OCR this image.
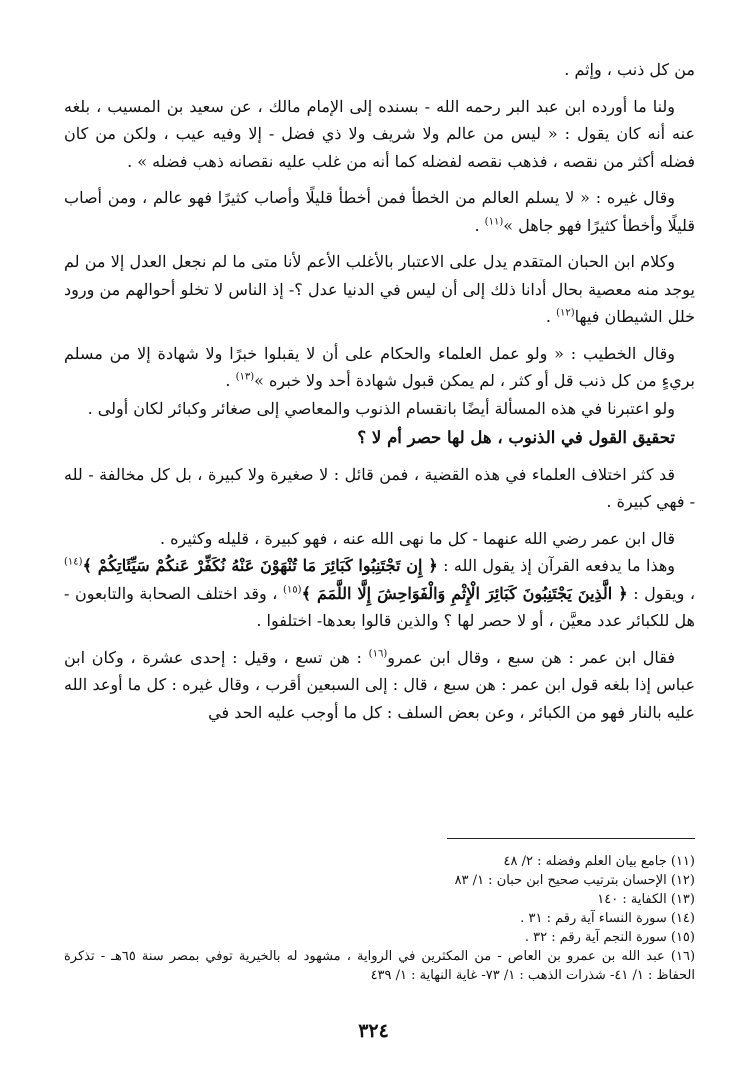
من كل ذنب ، وإثم .

ولنا ما أورده ابن عبد البر رحمه الله - بسنده إلى الإمام مالك ، عن سعيد بن المسيب ، بلغه عنه أنه كان يقول : « ليس من عالم ولا شريف ولا ذي فضل - إلا وفيه عيب ، ولكن من كان فضله أكثر من نقصه ، فذهب نقصه لفضله كما أنه من غلب عليه نقصانه ذهب فضله » .

وقال غيره : « لا يسلم العالم من الخطأ فمن أخطأ قليلًا وأصاب كثيرًا فهو عالم ، ومن أصاب قليلًا وأخطأ كثيرًا فهو جاهل »$^{(١١)}$ .

وكلام ابن الحبان المتقدم يدل على الاعتبار بالأغلب الأعم لأنا متى ما لم نجعل العدل إلا من لم يوجد منه معصية بحال أدانا ذلك إلى أن ليس في الدنيا عدل ؟- إذ الناس لا تخلو أحوالهم من ورود خلل الشيطان فيها$^{(١٢)}$ .

وقال الخطيب : « ولو عمل العلماء والحكام على أن لا يقبلوا خبرًا ولا شهادة إلا من مسلم بريءٍ من كل ذنب قل أو كثر ، لم يمكن قبول شهادة أحد ولا خبره »$^{(١٣)}$ .

ولو اعتبرنا في هذه المسألة أيضًا بانقسام الذنوب والمعاصي إلى صغائر وكبائر لكان أولى .

تحقيق القول في الذنوب ، هل لها حصر أم لا ؟

قد كثر اختلاف العلماء في هذه القضية ، فمن قائل : لا صغيرة ولا كبيرة ، بل كل مخالفة - لله - فهي كبيرة .

قال ابن عمر رضي الله عنهما - كل ما نهى الله عنه ، فهو كبيرة ، قليله وكثيره .

وهذا ما يدفعه القرآن إذ يقول الله : ﴿ إِن تَجْتَنِبُوا كَبَائِرَ مَا تُنْهَوْنَ عَنْهُ نُكَفِّرْ عَنكُمْ سَيِّئَاتِكُمْ ﴾$^{(١٤)}$ ، ويقول : ﴿ الَّذِينَ يَجْتَنِبُونَ كَبَائِرَ الْإِثْمِ وَالْفَوَاحِشَ إِلَّا اللَّمَمَ ﴾$^{(١٥)}$ ، وقد اختلف الصحابة والتابعون - هل للكبائر عدد معيَّن ، أو لا حصر لها ؟ والذين قالوا بعدها- اختلفوا .

فقال ابن عمر : هن سبع ، وقال ابن عمرو$^{(١٦)}$ : هن تسع ، وقيل : إحدى عشرة ، وكان ابن عباس إذا بلغه قول ابن عمر : هن سبع ، قال : إلى السبعين أقرب ، وقال غيره : كل ما أوعد الله عليه بالنار فهو من الكبائر ، وعن بعض السلف : كل ما أوجب عليه الحد في

(١١) جامع بيان العلم وفضله : ٢/ ٤٨
(١٢) الإحسان بترتيب صحيح ابن حبان : ١/ ٨٣
(١٣) الكفاية : ١٤٠
(١٤) سورة النساء آية رقم : ٣١ .
(١٥) سورة النجم آية رقم : ٣٢ .
(١٦) عبد الله بن عمرو بن العاص - من المكثرين في الرواية ، مشهود له بالخيرية توفي بمصر سنة ٦٥هـ - تذكرة الحفاظ : ١/ ٤١- شذرات الذهب : ١/ ٧٣- غاية النهاية : ١/ ٤٣٩
٣٢٤
